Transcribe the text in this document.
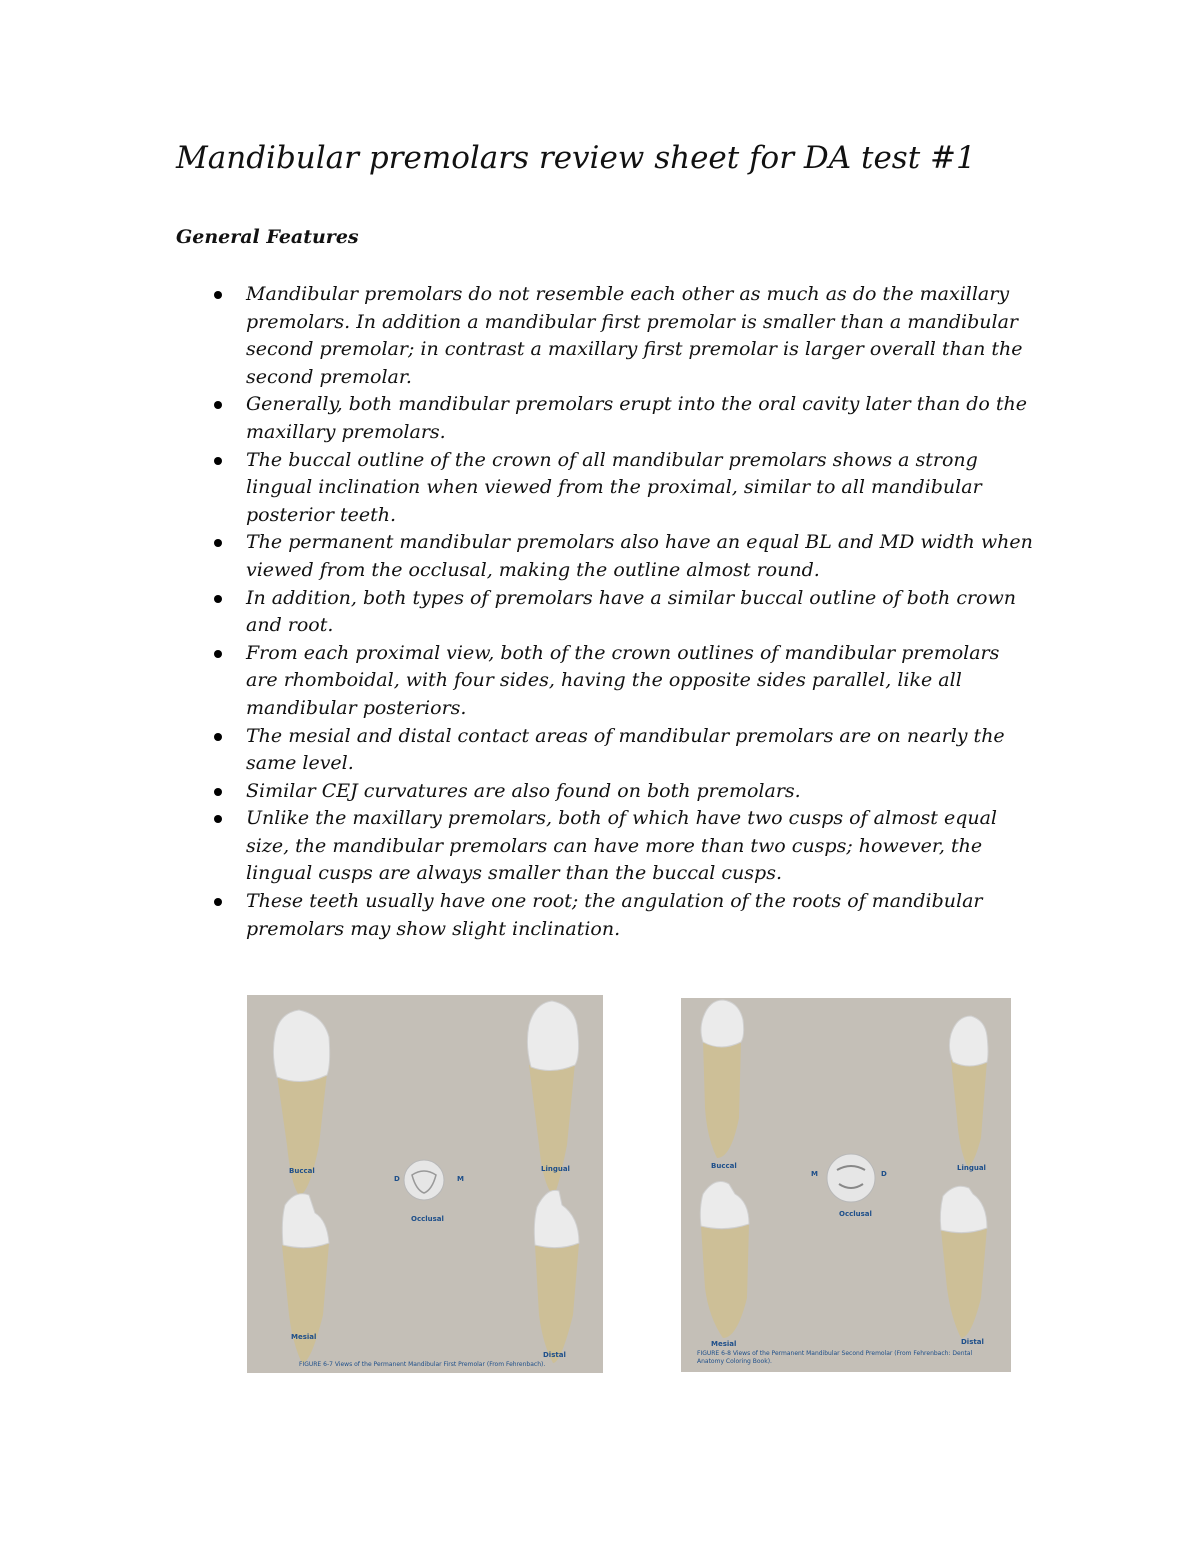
Mandibular premolars review sheet for DA test #1
General Features
Mandibular premolars do not resemble each other as much as do the maxillary premolars. In addition a mandibular first premolar is smaller than a mandibular second premolar; in contrast a maxillary first premolar is larger overall than the second premolar.
Generally, both mandibular premolars erupt into the oral cavity later than do the maxillary premolars.
The buccal outline of the crown of all mandibular premolars shows a strong lingual inclination when viewed from the proximal, similar to all mandibular posterior teeth.
The permanent mandibular premolars also have an equal BL and MD width when viewed from the occlusal, making the outline almost round.
In addition, both types of premolars have a similar buccal outline of both crown and root.
From each proximal view, both of the crown outlines of mandibular premolars are rhomboidal, with four sides, having the opposite sides parallel, like all mandibular posteriors.
The mesial and distal contact areas of mandibular premolars are on nearly the same level.
Similar CEJ curvatures are also found on both premolars.
Unlike the maxillary premolars, both of which have two cusps of almost equal size, the mandibular premolars can have more than two cusps; however, the lingual cusps are always smaller than the buccal cusps.
These teeth usually have one root; the angulation of the roots of mandibular premolars may show slight inclination.
Buccal	Lingual
D	M
Occlusal
Mesial
Distal
FIGURE 6-7 Views of the Permanent Mandibular First Premolar (From Fehrenbach).
Buccal	Lingual
M	D
Occlusal
Mesial	Distal
FIGURE 6-8 Views of the Permanent Mandibular Second Premolar (From Fehrenbach: Dental
Anatomy Coloring Book).
